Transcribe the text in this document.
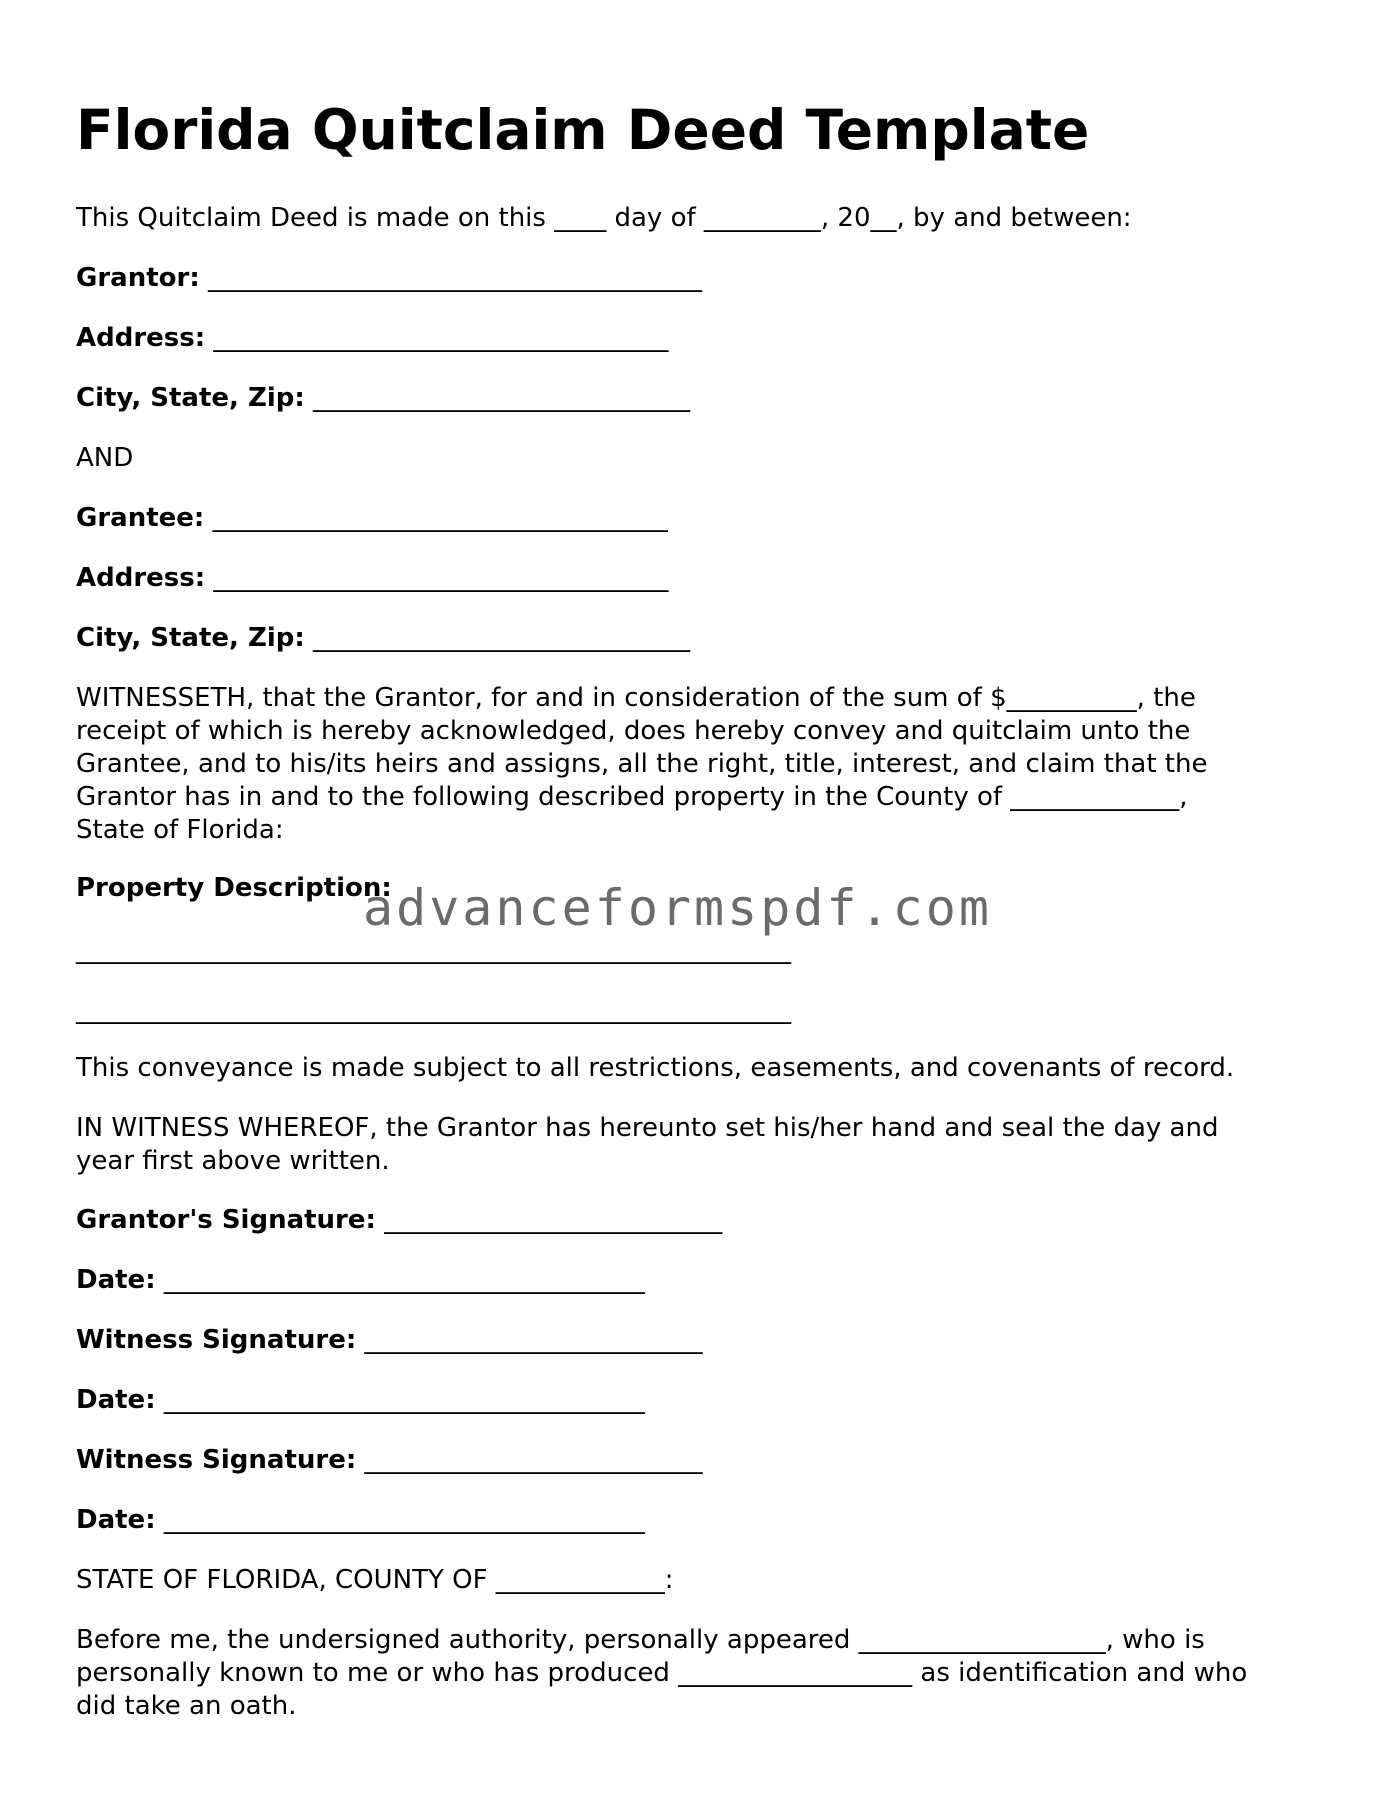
Florida Quitclaim Deed Template
This Quitclaim Deed is made on this ____ day of _________, 20__, by and between:
Grantor: ______________________________________
Address: ___________________________________
City, State, Zip: _____________________________
AND
Grantee: ___________________________________
Address: ___________________________________
City, State, Zip: _____________________________
WITNESSETH, that the Grantor, for and in consideration of the sum of $__________, the
receipt of which is hereby acknowledged, does hereby convey and quitclaim unto the
Grantee, and to his/its heirs and assigns, all the right, title, interest, and claim that the
Grantor has in and to the following described property in the County of _____________,
State of Florida:
Property Description:
_______________________________________________________
_______________________________________________________
This conveyance is made subject to all restrictions, easements, and covenants of record.
IN WITNESS WHEREOF, the Grantor has hereunto set his/her hand and seal the day and
year first above written.
Grantor's Signature: __________________________
Date: _____________________________________
Witness Signature: __________________________
Date: _____________________________________
Witness Signature: __________________________
Date: _____________________________________
STATE OF FLORIDA, COUNTY OF _____________:
Before me, the undersigned authority, personally appeared ___________________, who is
personally known to me or who has produced __________________ as identification and who
did take an oath.
advanceformspdf.com
